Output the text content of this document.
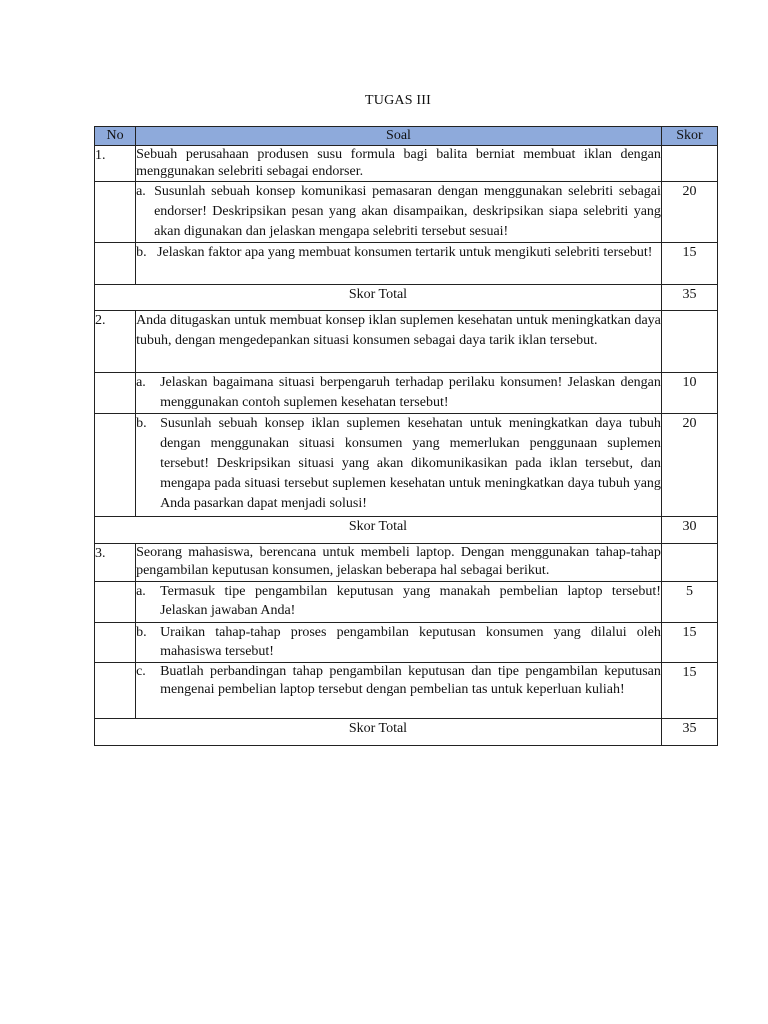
TUGAS III
No	Soal	Skor
1.	Sebuah perusahaan produsen susu formula bagi balita berniat membuat iklan dengan menggunakan selebriti sebagai endorser.	

	a. Susunlah sebuah konsep komunikasi pemasaran dengan menggunakan selebriti sebagai endorser! Deskripsikan pesan yang akan disampaikan, deskripsikan siapa selebriti yang akan digunakan dan jelaskan mengapa selebriti tersebut sesuai!	20

	b. Jelaskan faktor apa yang membuat konsumen tertarik untuk mengikuti selebriti tersebut!	15
Skor Total		35
2.	Anda ditugaskan untuk membuat konsep iklan suplemen kesehatan untuk meningkatkan daya tubuh, dengan mengedepankan situasi konsumen sebagai daya tarik iklan tersebut.	

	a. Jelaskan bagaimana situasi berpengaruh terhadap perilaku konsumen! Jelaskan dengan menggunakan contoh suplemen kesehatan tersebut!	10

	b. Susunlah sebuah konsep iklan suplemen kesehatan untuk meningkatkan daya tubuh dengan menggunakan situasi konsumen yang memerlukan penggunaan suplemen tersebut! Deskripsikan situasi yang akan dikomunikasikan pada iklan tersebut, dan mengapa pada situasi tersebut suplemen kesehatan untuk meningkatkan daya tubuh yang Anda pasarkan dapat menjadi solusi!	20
Skor Total		30
3.	Seorang mahasiswa, berencana untuk membeli laptop. Dengan menggunakan tahap-tahap pengambilan keputusan konsumen, jelaskan beberapa hal sebagai berikut.	

	a. Termasuk tipe pengambilan keputusan yang manakah pembelian laptop tersebut! Jelaskan jawaban Anda!	5

	b. Uraikan tahap-tahap proses pengambilan keputusan konsumen yang dilalui oleh mahasiswa tersebut!	15

	c. Buatlah perbandingan tahap pengambilan keputusan dan tipe pengambilan keputusan mengenai pembelian laptop tersebut dengan pembelian tas untuk keperluan kuliah!	15
Skor Total		35
